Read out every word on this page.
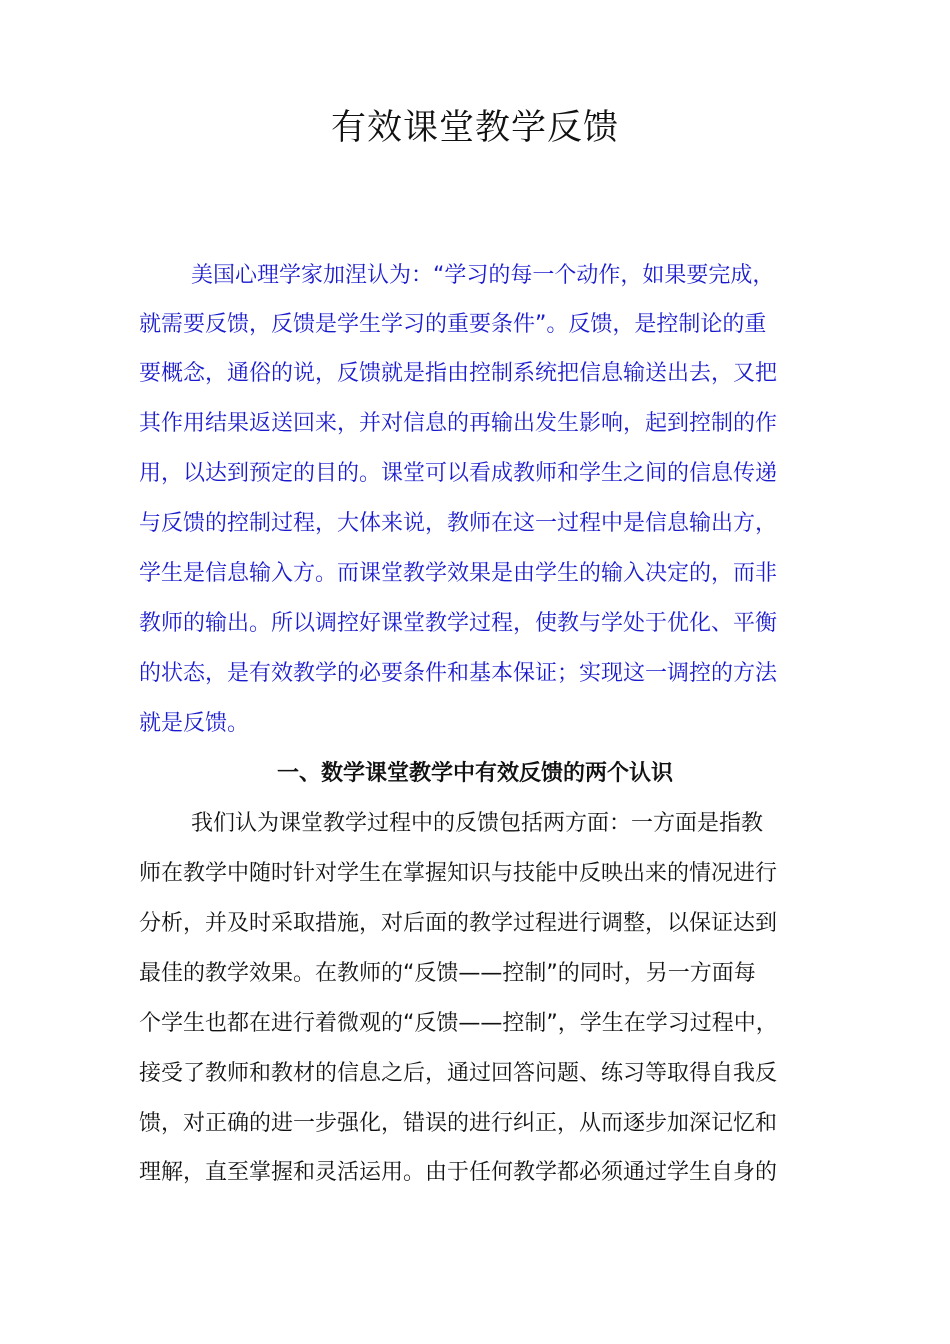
有效课堂教学反馈

美国心理学家加涅认为：“学习的每一个动作，如果要完成，

就需要反馈，反馈是学生学习的重要条件”。反馈，是控制论的重

要概念，通俗的说，反馈就是指由控制系统把信息输送出去，又把

其作用结果返送回来，并对信息的再输出发生影响，起到控制的作

用，以达到预定的目的。课堂可以看成教师和学生之间的信息传递

与反馈的控制过程，大体来说，教师在这一过程中是信息输出方，

学生是信息输入方。而课堂教学效果是由学生的输入决定的，而非

教师的输出。所以调控好课堂教学过程，使教与学处于优化、平衡

的状态，是有效教学的必要条件和基本保证；实现这一调控的方法

就是反馈。

一、数学课堂教学中有效反馈的两个认识

我们认为课堂教学过程中的反馈包括两方面：一方面是指教

师在教学中随时针对学生在掌握知识与技能中反映出来的情况进行

分析，并及时采取措施，对后面的教学过程进行调整，以保证达到

最佳的教学效果。在教师的“反馈——控制”的同时，另一方面每

个学生也都在进行着微观的“反馈——控制”，学生在学习过程中，

接受了教师和教材的信息之后，通过回答问题、练习等取得自我反

馈，对正确的进一步强化，错误的进行纠正，从而逐步加深记忆和

理解，直至掌握和灵活运用。由于任何教学都必须通过学生自身的
